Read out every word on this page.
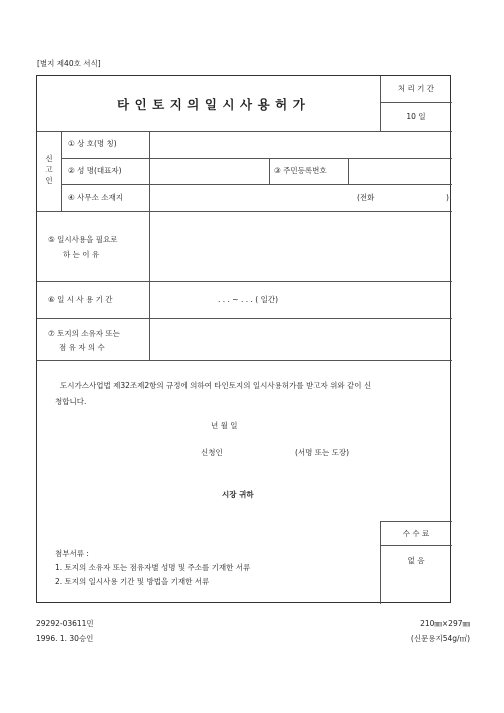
[별지 제40호 서식]
타인토지의일시사용허가
처 리 기 간
10 일
신
고
인
① 상 호(명 칭)
② 성 명(대표자)	③ 주민등록번호
④ 사무소 소재지	(전화	)
⑤ 일시사용을 필요로
하 는 이 유
⑥ 일 시 사 용 기 간	. . . ~ . . . ( 일간)
⑦ 토지의 소유자 또는
점 유 자 의 수
도시가스사업법 제32조제2항의 규정에 의하여 타인토지의 일시사용허가를 받고자 위와 같이 신
청합니다.
년 월 일
신청인	(서명 또는 도장)
시장 귀하
첨부서류 :
1. 토지의 소유자 또는 점유자별 성명 및 주소를 기재한 서류
2. 토지의 일시사용 기간 및 방법을 기재한 서류
수 수 료
없 음
29292-03611민
1996. 1. 30승인
210㎜×297㎜
(신문용지54g/㎡)
